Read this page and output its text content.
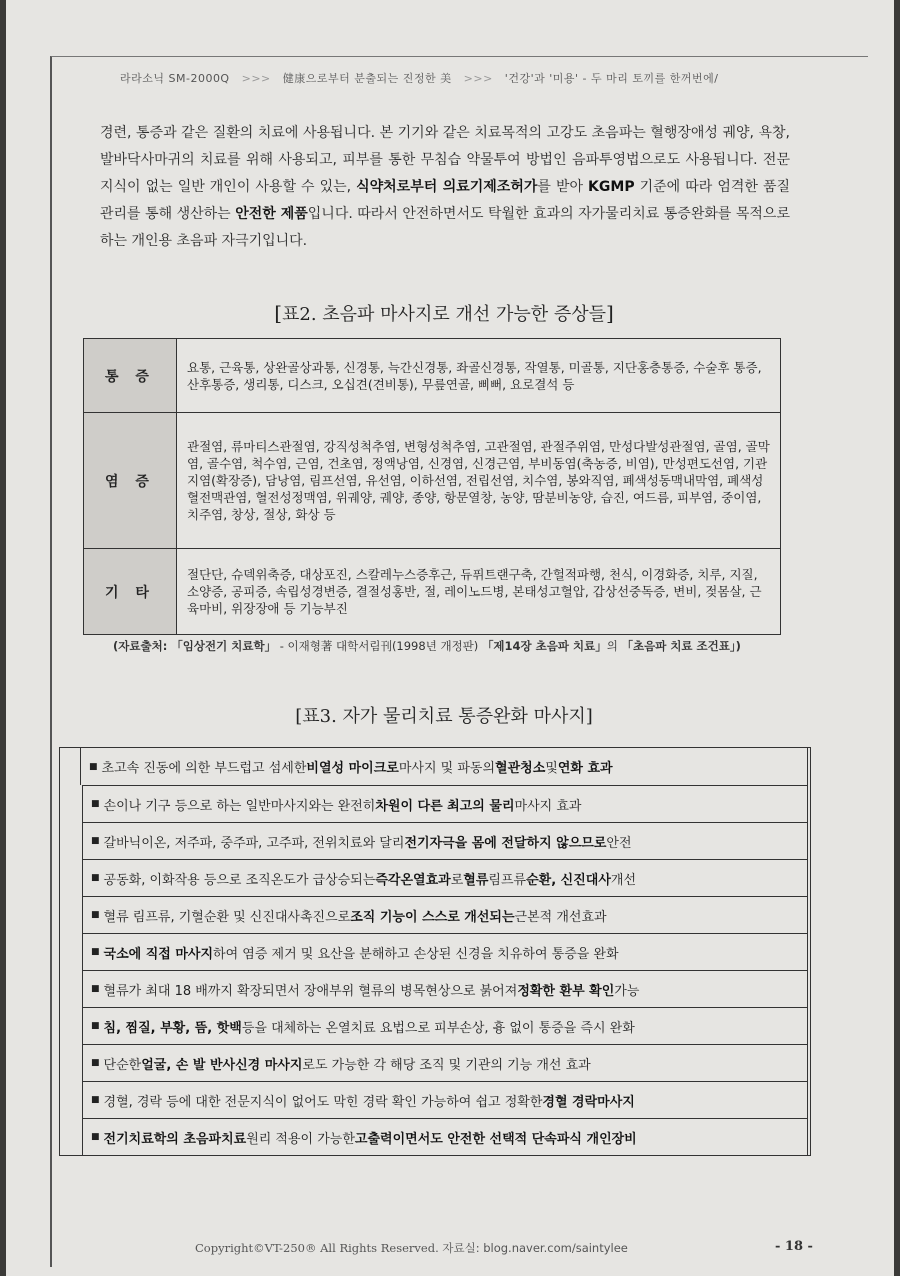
라라소닉 SM-2000Q >>> 健康으로부터 분출되는 진정한 美 >>> '건강'과 '미용' - 두 마리 토끼를 한꺼번에/
경련, 통증과 같은 질환의 치료에 사용됩니다. 본 기기와 같은 치료목적의 고강도 초음파는 혈행장애성 궤양, 욕창, 발바닥사마귀의 치료를 위해 사용되고, 피부를 통한 무침습 약물투여 방법인 음파투영법으로도 사용됩니다. 전문지식이 없는 일반 개인이 사용할 수 있는, 식약처로부터 의료기제조허가를 받아 KGMP 기준에 따라 엄격한 품질관리를 통해 생산하는 안전한 제품입니다. 따라서 안전하면서도 탁월한 효과의 자가물리치료 통증완화를 목적으로 하는 개인용 초음파 자극기입니다.
[표2. 초음파 마사지로 개선 가능한 증상들]
통 증	요통, 근육통, 상완골상과통, 신경통, 늑간신경통, 좌골신경통, 작열통, 미골통, 지단홍층통증, 수술후 통증, 산후통증, 생리통, 디스크, 오십견(견비통), 무릎연골, 삐뻐, 요로결석 등
염 증	관절염, 류마티스관절염, 강직성척추염, 변형성척추염, 고관절염, 관절주위염, 만성다발성관절염, 골염, 골막염, 골수염, 척수염, 근염, 건초염, 정액낭염, 신경염, 신경근염, 부비동염(축농증, 비염), 만성편도선염, 기관지염(확장증), 담낭염, 림프선염, 유선염, 이하선염, 전립선염, 치수염, 봉와직염, 폐색성동맥내막염, 폐색성혈전맥관염, 혈전성정맥염, 위궤양, 궤양, 종양, 항문열창, 농양, 땀분비농양, 습진, 여드름, 피부염, 중이염, 치주염, 창상, 절상, 화상 등
기 타	절단단, 슈덱위축증, 대상포진, 스칼레누스증후근, 듀퓌트랜구축, 간헐적파행, 천식, 이경화증, 치루, 지질, 소양증, 공피증, 속립성경변증, 결절성홍반, 절, 레이노드병, 본태성고혈압, 갑상선중독증, 변비, 젖몸살, 근육마비, 위장장애 등 기능부진
(자료출처: 「임상전기 치료학」 - 이재형著 대학서림刊(1998년 개정판) 「제14장 초음파 치료」의 「초음파 치료 조건표」)
[표3. 자가 물리치료 통증완화 마사지]
■ 초고속 진동에 의한 부드럽고 섬세한 비열성 마이크로 마사지 및 파동의 혈관청소 및 연화 효과
■ 손이나 기구 등으로 하는 일반마사지와는 완전히 차원이 다른 최고의 물리 마사지 효과
■ 갈바닉이온, 저주파, 중주파, 고주파, 전위치료와 달리 전기자극을 몸에 전달하지 않으므로 안전
■ 공동화, 이화작용 등으로 조직온도가 급상승되는 즉각온열효과 로 혈류 림프류 순환, 신진대사 개선
■ 혈류 림프류, 기혈순환 및 신진대사촉진으로 조직 기능이 스스로 개선되는 근본적 개선효과
■ 국소에 직접 마사지 하여 염증 제거 및 요산을 분해하고 손상된 신경을 치유하여 통증을 완화
■ 혈류가 최대 18 배까지 확장되면서 장애부위 혈류의 병목현상으로 붉어져 정확한 환부 확인 가능
■ 침, 찜질, 부황, 뜸, 핫백 등을 대체하는 온열치료 요법으로 피부손상, 흉 없이 통증을 즉시 완화
■ 단순한 얼굴, 손 발 반사신경 마사지 로도 가능한 각 해당 조직 및 기관의 기능 개선 효과
■ 경혈, 경락 등에 대한 전문지식이 없어도 막힌 경락 확인 가능하여 쉽고 정확한 경혈 경락마사지
■ 전기치료학의 초음파치료 원리 적용이 가능한 고출력이면서도 안전한 선택적 단속파식 개인장비
Copyright©VT-250® All Rights Reserved. 자료실: blog.naver.com/saintylee	- 18 -
